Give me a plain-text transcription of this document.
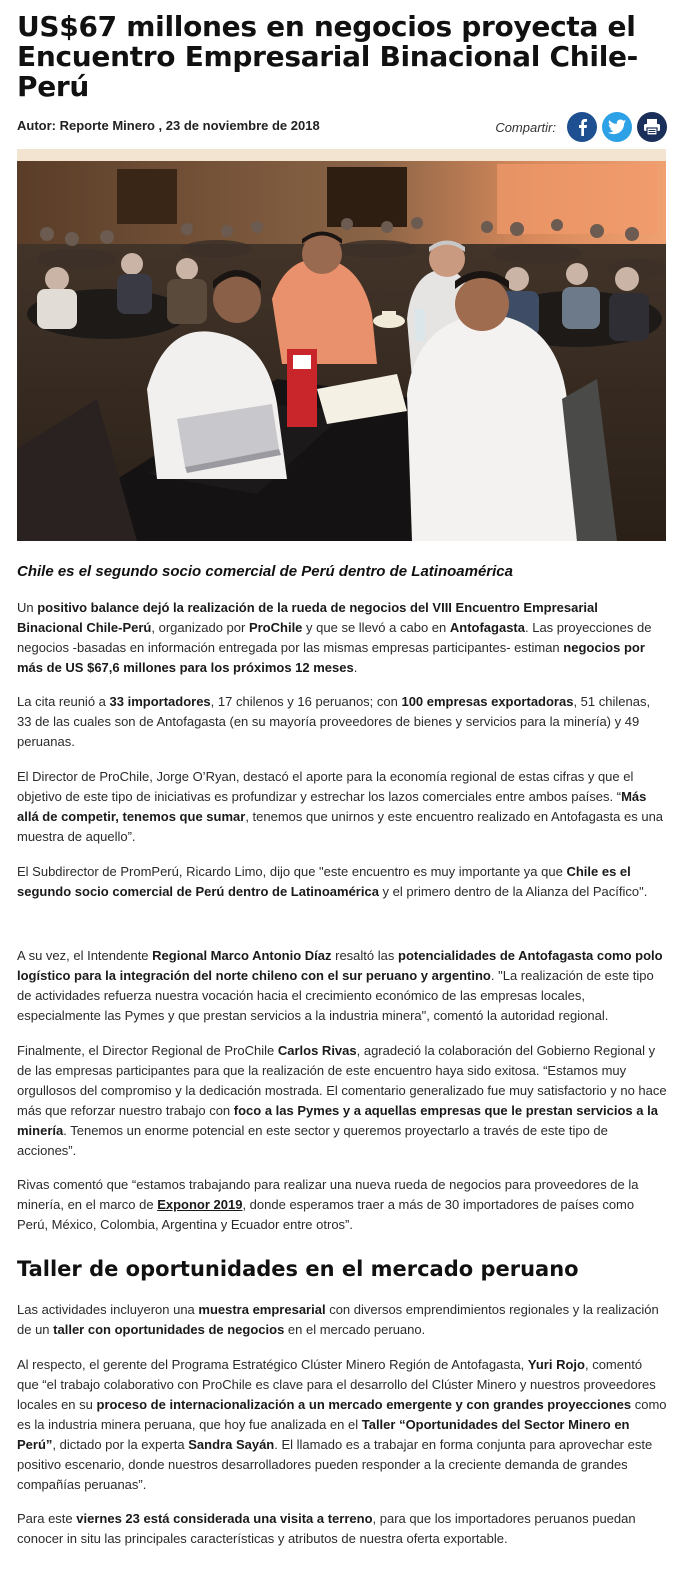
US$67 millones en negocios proyecta el Encuentro Empresarial Binacional Chile-Perú
Autor: Reporte Minero , 23 de noviembre de 2018	Compartir:
Chile es el segundo socio comercial de Perú dentro de Latinoamérica

Un positivo balance dejó la realización de la rueda de negocios del VIII Encuentro Empresarial Binacional Chile-Perú, organizado por ProChile y que se llevó a cabo en Antofagasta. Las proyecciones de negocios -basadas en información entregada por las mismas empresas participantes- estiman negocios por más de US $67,6 millones para los próximos 12 meses.

La cita reunió a 33 importadores, 17 chilenos y 16 peruanos; con 100 empresas exportadoras, 51 chilenas, 33 de las cuales son de Antofagasta (en su mayoría proveedores de bienes y servicios para la minería) y 49 peruanas.

El Director de ProChile, Jorge O’Ryan, destacó el aporte para la economía regional de estas cifras y que el objetivo de este tipo de iniciativas es profundizar y estrechar los lazos comerciales entre ambos países. “Más allá de competir, tenemos que sumar, tenemos que unirnos y este encuentro realizado en Antofagasta es una muestra de aquello”.

El Subdirector de PromPerú, Ricardo Limo, dijo que "este encuentro es muy importante ya que Chile es el segundo socio comercial de Perú dentro de Latinoamérica y el primero dentro de la Alianza del Pacífico".

A su vez, el Intendente Regional Marco Antonio Díaz resaltó las potencialidades de Antofagasta como polo logístico para la integración del norte chileno con el sur peruano y argentino. "La realización de este tipo de actividades refuerza nuestra vocación hacia el crecimiento económico de las empresas locales, especialmente las Pymes y que prestan servicios a la industria minera", comentó la autoridad regional.

Finalmente, el Director Regional de ProChile Carlos Rivas, agradeció la colaboración del Gobierno Regional y de las empresas participantes para que la realización de este encuentro haya sido exitosa. “Estamos muy orgullosos del compromiso y la dedicación mostrada. El comentario generalizado fue muy satisfactorio y no hace más que reforzar nuestro trabajo con foco a las Pymes y a aquellas empresas que le prestan servicios a la minería. Tenemos un enorme potencial en este sector y queremos proyectarlo a través de este tipo de acciones”.

Rivas comentó que “estamos trabajando para realizar una nueva rueda de negocios para proveedores de la minería, en el marco de Exponor 2019, donde esperamos traer a más de 30 importadores de países como Perú, México, Colombia, Argentina y Ecuador entre otros”.

Taller de oportunidades en el mercado peruano

Las actividades incluyeron una muestra empresarial con diversos emprendimientos regionales y la realización de un taller con oportunidades de negocios en el mercado peruano.

Al respecto, el gerente del Programa Estratégico Clúster Minero Región de Antofagasta, Yuri Rojo, comentó que “el trabajo colaborativo con ProChile es clave para el desarrollo del Clúster Minero y nuestros proveedores locales en su proceso de internacionalización a un mercado emergente y con grandes proyecciones como es la industria minera peruana, que hoy fue analizada en el Taller “Oportunidades del Sector Minero en Perú”, dictado por la experta Sandra Sayán. El llamado es a trabajar en forma conjunta para aprovechar este positivo escenario, donde nuestros desarrolladores pueden responder a la creciente demanda de grandes compañías peruanas”.

Para este viernes 23 está considerada una visita a terreno, para que los importadores peruanos puedan conocer in situ las principales características y atributos de nuestra oferta exportable.
